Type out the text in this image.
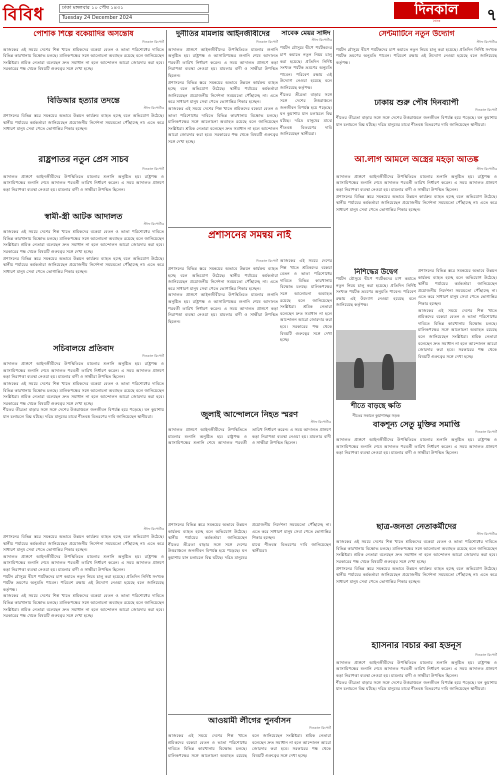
বিবিধ	ঢাকা মঙ্গলবার ১০ পৌষ ১৪৩১
Tuesday 24 December 2024	দিনকাল
দৈনিক	৭
পোশাক শিল্পে বকেয়াদির অসন্তোষ
দিনকাল রিপোর্ট
আজকের এই সময়ে দেশের শিল্প খাতে শ্রমিকদের বকেয়া বেতন ও ভাতা পরিশোধের দাবিতে বিভিন্ন কারখানায় বিক্ষোভ চলছে। মালিকপক্ষের সঙ্গে আলোচনা অব্যাহত রয়েছে বলে জানিয়েছেন সংশ্লিষ্টরা। শ্রমিক নেতারা বলেছেন দ্রুত সমাধান না হলে আন্দোলন আরো জোরদার করা হবে। সরকারের পক্ষ থেকে বিষয়টি গুরুত্বের সঙ্গে দেখা হচ্ছে।
বিডিআর হত্যার তদন্তে
স্টাফ রিপোর্টার
প্রশাসনের বিভিন্ন স্তরে সমন্বয়ের অভাবে উন্নয়ন কার্যক্রম ব্যাহত হচ্ছে বলে অভিযোগ উঠেছে। স্থানীয় পর্যায়ের কর্মকর্তারা জানিয়েছেন প্রয়োজনীয় নির্দেশনা সময়মতো পৌঁছাচ্ছে না। এতে করে সাধারণ মানুষ সেবা পেতে ভোগান্তির শিকার হচ্ছেন।
রাষ্ট্রপতির নতুন প্রেস সচিব
দিনকাল রিপোর্ট
আদালত প্রাঙ্গণে আইনজীবীদের উপস্থিতিতে মামলার শুনানি অনুষ্ঠিত হয়। রাষ্ট্রপক্ষ ও আসামিপক্ষের শুনানি শেষে আদালত পরবর্তী তারিখ নির্ধারণ করেন। এ সময় আদালত প্রাঙ্গণে কড়া নিরাপত্তা ব্যবস্থা নেওয়া হয়। মামলার বাদী ও সাক্ষীরা উপস্থিত ছিলেন।
স্বামী-স্ত্রী আটক আদালত
স্টাফ রিপোর্টার
আজকের এই সময়ে দেশের শিল্প খাতে শ্রমিকদের বকেয়া বেতন ও ভাতা পরিশোধের দাবিতে বিভিন্ন কারখানায় বিক্ষোভ চলছে। মালিকপক্ষের সঙ্গে আলোচনা অব্যাহত রয়েছে বলে জানিয়েছেন সংশ্লিষ্টরা। শ্রমিক নেতারা বলেছেন দ্রুত সমাধান না হলে আন্দোলন আরো জোরদার করা হবে। সরকারের পক্ষ থেকে বিষয়টি গুরুত্বের সঙ্গে দেখা হচ্ছে।
প্রশাসনের বিভিন্ন স্তরে সমন্বয়ের অভাবে উন্নয়ন কার্যক্রম ব্যাহত হচ্ছে বলে অভিযোগ উঠেছে। স্থানীয় পর্যায়ের কর্মকর্তারা জানিয়েছেন প্রয়োজনীয় নির্দেশনা সময়মতো পৌঁছাচ্ছে না। এতে করে সাধারণ মানুষ সেবা পেতে ভোগান্তির শিকার হচ্ছেন।
সচিবালয়ে প্রতিবাদ
দিনকাল রিপোর্ট
আদালত প্রাঙ্গণে আইনজীবীদের উপস্থিতিতে মামলার শুনানি অনুষ্ঠিত হয়। রাষ্ট্রপক্ষ ও আসামিপক্ষের শুনানি শেষে আদালত পরবর্তী তারিখ নির্ধারণ করেন। এ সময় আদালত প্রাঙ্গণে কড়া নিরাপত্তা ব্যবস্থা নেওয়া হয়। মামলার বাদী ও সাক্ষীরা উপস্থিত ছিলেন।
আজকের এই সময়ে দেশের শিল্প খাতে শ্রমিকদের বকেয়া বেতন ও ভাতা পরিশোধের দাবিতে বিভিন্ন কারখানায় বিক্ষোভ চলছে। মালিকপক্ষের সঙ্গে আলোচনা অব্যাহত রয়েছে বলে জানিয়েছেন সংশ্লিষ্টরা। শ্রমিক নেতারা বলেছেন দ্রুত সমাধান না হলে আন্দোলন আরো জোরদার করা হবে। সরকারের পক্ষ থেকে বিষয়টি গুরুত্বের সঙ্গে দেখা হচ্ছে।
শীতের তীব্রতা বাড়ার সঙ্গে সঙ্গে দেশের উত্তরাঞ্চলে জনজীবন বিপর্যস্ত হয়ে পড়েছে। ঘন কুয়াশায় যান চলাচলে বিঘ্ন ঘটছে। দরিদ্র মানুষের মাঝে শীতবস্ত্র বিতরণের দাবি জানিয়েছেন স্থানীয়রা।
স্টাফ রিপোর্টার
প্রশাসনের বিভিন্ন স্তরে সমন্বয়ের অভাবে উন্নয়ন কার্যক্রম ব্যাহত হচ্ছে বলে অভিযোগ উঠেছে। স্থানীয় পর্যায়ের কর্মকর্তারা জানিয়েছেন প্রয়োজনীয় নির্দেশনা সময়মতো পৌঁছাচ্ছে না। এতে করে সাধারণ মানুষ সেবা পেতে ভোগান্তির শিকার হচ্ছেন।
আদালত প্রাঙ্গণে আইনজীবীদের উপস্থিতিতে মামলার শুনানি অনুষ্ঠিত হয়। রাষ্ট্রপক্ষ ও আসামিপক্ষের শুনানি শেষে আদালত পরবর্তী তারিখ নির্ধারণ করেন। এ সময় আদালত প্রাঙ্গণে কড়া নিরাপত্তা ব্যবস্থা নেওয়া হয়। মামলার বাদী ও সাক্ষীরা উপস্থিত ছিলেন।
পর্যটন মৌসুমে দ্বীপে পর্যটকদের চাপ কমাতে নতুন নিয়ম চালু করা হয়েছে। প্রতিদিন নির্দিষ্ট সংখ্যক পর্যটক ভ্রমণের অনুমতি পাবেন। পরিবেশ রক্ষায় এই উদ্যোগ নেওয়া হয়েছে বলে জানিয়েছে কর্তৃপক্ষ।
আজকের এই সময়ে দেশের শিল্প খাতে শ্রমিকদের বকেয়া বেতন ও ভাতা পরিশোধের দাবিতে বিভিন্ন কারখানায় বিক্ষোভ চলছে। মালিকপক্ষের সঙ্গে আলোচনা অব্যাহত রয়েছে বলে জানিয়েছেন সংশ্লিষ্টরা। শ্রমিক নেতারা বলেছেন দ্রুত সমাধান না হলে আন্দোলন আরো জোরদার করা হবে। সরকারের পক্ষ থেকে বিষয়টি গুরুত্বের সঙ্গে দেখা হচ্ছে।
দুর্নীতির মামলায় আইনজীবীদের
দিনকাল রিপোর্ট
আদালত প্রাঙ্গণে আইনজীবীদের উপস্থিতিতে মামলার শুনানি অনুষ্ঠিত হয়। রাষ্ট্রপক্ষ ও আসামিপক্ষের শুনানি শেষে আদালত পরবর্তী তারিখ নির্ধারণ করেন। এ সময় আদালত প্রাঙ্গণে কড়া নিরাপত্তা ব্যবস্থা নেওয়া হয়। মামলার বাদী ও সাক্ষীরা উপস্থিত ছিলেন।
প্রশাসনের বিভিন্ন স্তরে সমন্বয়ের অভাবে উন্নয়ন কার্যক্রম ব্যাহত হচ্ছে বলে অভিযোগ উঠেছে। স্থানীয় পর্যায়ের কর্মকর্তারা জানিয়েছেন প্রয়োজনীয় নির্দেশনা সময়মতো পৌঁছাচ্ছে না। এতে করে সাধারণ মানুষ সেবা পেতে ভোগান্তির শিকার হচ্ছেন।
আজকের এই সময়ে দেশের শিল্প খাতে শ্রমিকদের বকেয়া বেতন ও ভাতা পরিশোধের দাবিতে বিভিন্ন কারখানায় বিক্ষোভ চলছে। মালিকপক্ষের সঙ্গে আলোচনা অব্যাহত রয়েছে বলে জানিয়েছেন সংশ্লিষ্টরা। শ্রমিক নেতারা বলেছেন দ্রুত সমাধান না হলে আন্দোলন আরো জোরদার করা হবে। সরকারের পক্ষ থেকে বিষয়টি গুরুত্বের সঙ্গে দেখা হচ্ছে।
সাবেক মেয়র সাঈদ
স্টাফ রিপোর্টার
পর্যটন মৌসুমে দ্বীপে পর্যটকদের চাপ কমাতে নতুন নিয়ম চালু করা হয়েছে। প্রতিদিন নির্দিষ্ট সংখ্যক পর্যটক ভ্রমণের অনুমতি পাবেন। পরিবেশ রক্ষায় এই উদ্যোগ নেওয়া হয়েছে বলে জানিয়েছে কর্তৃপক্ষ।
শীতের তীব্রতা বাড়ার সঙ্গে সঙ্গে দেশের উত্তরাঞ্চলে জনজীবন বিপর্যস্ত হয়ে পড়েছে। ঘন কুয়াশায় যান চলাচলে বিঘ্ন ঘটছে। দরিদ্র মানুষের মাঝে শীতবস্ত্র বিতরণের দাবি জানিয়েছেন স্থানীয়রা।
প্রশাসনের সমন্বয় নাই
দিনকাল রিপোর্ট
প্রশাসনের বিভিন্ন স্তরে সমন্বয়ের অভাবে উন্নয়ন কার্যক্রম ব্যাহত হচ্ছে বলে অভিযোগ উঠেছে। স্থানীয় পর্যায়ের কর্মকর্তারা জানিয়েছেন প্রয়োজনীয় নির্দেশনা সময়মতো পৌঁছাচ্ছে না। এতে করে সাধারণ মানুষ সেবা পেতে ভোগান্তির শিকার হচ্ছেন।
আদালত প্রাঙ্গণে আইনজীবীদের উপস্থিতিতে মামলার শুনানি অনুষ্ঠিত হয়। রাষ্ট্রপক্ষ ও আসামিপক্ষের শুনানি শেষে আদালত পরবর্তী তারিখ নির্ধারণ করেন। এ সময় আদালত প্রাঙ্গণে কড়া নিরাপত্তা ব্যবস্থা নেওয়া হয়। মামলার বাদী ও সাক্ষীরা উপস্থিত ছিলেন।
আজকের এই সময়ে দেশের শিল্প খাতে শ্রমিকদের বকেয়া বেতন ও ভাতা পরিশোধের দাবিতে বিভিন্ন কারখানায় বিক্ষোভ চলছে। মালিকপক্ষের সঙ্গে আলোচনা অব্যাহত রয়েছে বলে জানিয়েছেন সংশ্লিষ্টরা। শ্রমিক নেতারা বলেছেন দ্রুত সমাধান না হলে আন্দোলন আরো জোরদার করা হবে। সরকারের পক্ষ থেকে বিষয়টি গুরুত্বের সঙ্গে দেখা হচ্ছে।
জুলাই আন্দোলনে নিহত স্মরণ
স্টাফ রিপোর্টার
আদালত প্রাঙ্গণে আইনজীবীদের উপস্থিতিতে মামলার শুনানি অনুষ্ঠিত হয়। রাষ্ট্রপক্ষ ও আসামিপক্ষের শুনানি শেষে আদালত পরবর্তী তারিখ নির্ধারণ করেন। এ সময় আদালত প্রাঙ্গণে কড়া নিরাপত্তা ব্যবস্থা নেওয়া হয়। মামলার বাদী ও সাক্ষীরা উপস্থিত ছিলেন।
প্রশাসনের বিভিন্ন স্তরে সমন্বয়ের অভাবে উন্নয়ন কার্যক্রম ব্যাহত হচ্ছে বলে অভিযোগ উঠেছে। স্থানীয় পর্যায়ের কর্মকর্তারা জানিয়েছেন প্রয়োজনীয় নির্দেশনা সময়মতো পৌঁছাচ্ছে না। এতে করে সাধারণ মানুষ সেবা পেতে ভোগান্তির শিকার হচ্ছেন।
শীতের তীব্রতা বাড়ার সঙ্গে সঙ্গে দেশের উত্তরাঞ্চলে জনজীবন বিপর্যস্ত হয়ে পড়েছে। ঘন কুয়াশায় যান চলাচলে বিঘ্ন ঘটছে। দরিদ্র মানুষের মাঝে শীতবস্ত্র বিতরণের দাবি জানিয়েছেন স্থানীয়রা।
আওয়ামী লীগের পুনর্বাসন
দিনকাল রিপোর্ট
আজকের এই সময়ে দেশের শিল্প খাতে শ্রমিকদের বকেয়া বেতন ও ভাতা পরিশোধের দাবিতে বিভিন্ন কারখানায় বিক্ষোভ চলছে। মালিকপক্ষের সঙ্গে আলোচনা অব্যাহত রয়েছে বলে জানিয়েছেন সংশ্লিষ্টরা। শ্রমিক নেতারা বলেছেন দ্রুত সমাধান না হলে আন্দোলন আরো জোরদার করা হবে। সরকারের পক্ষ থেকে বিষয়টি গুরুত্বের সঙ্গে দেখা হচ্ছে।
সেন্টমার্টিনে নতুন উদ্যোগ
স্টাফ রিপোর্টার
পর্যটন মৌসুমে দ্বীপে পর্যটকদের চাপ কমাতে নতুন নিয়ম চালু করা হয়েছে। প্রতিদিন নির্দিষ্ট সংখ্যক পর্যটক ভ্রমণের অনুমতি পাবেন। পরিবেশ রক্ষায় এই উদ্যোগ নেওয়া হয়েছে বলে জানিয়েছে কর্তৃপক্ষ।
ঢাকায় শুরু পৌষ দিনব্যাপী
দিনকাল রিপোর্ট
শীতের তীব্রতা বাড়ার সঙ্গে সঙ্গে দেশের উত্তরাঞ্চলে জনজীবন বিপর্যস্ত হয়ে পড়েছে। ঘন কুয়াশায় যান চলাচলে বিঘ্ন ঘটছে। দরিদ্র মানুষের মাঝে শীতবস্ত্র বিতরণের দাবি জানিয়েছেন স্থানীয়রা।
আ.লীগ আমলে অস্ত্রের মহড়া আতঙ্ক
স্টাফ রিপোর্টার
আদালত প্রাঙ্গণে আইনজীবীদের উপস্থিতিতে মামলার শুনানি অনুষ্ঠিত হয়। রাষ্ট্রপক্ষ ও আসামিপক্ষের শুনানি শেষে আদালত পরবর্তী তারিখ নির্ধারণ করেন। এ সময় আদালত প্রাঙ্গণে কড়া নিরাপত্তা ব্যবস্থা নেওয়া হয়। মামলার বাদী ও সাক্ষীরা উপস্থিত ছিলেন।
প্রশাসনের বিভিন্ন স্তরে সমন্বয়ের অভাবে উন্নয়ন কার্যক্রম ব্যাহত হচ্ছে বলে অভিযোগ উঠেছে। স্থানীয় পর্যায়ের কর্মকর্তারা জানিয়েছেন প্রয়োজনীয় নির্দেশনা সময়মতো পৌঁছাচ্ছে না। এতে করে সাধারণ মানুষ সেবা পেতে ভোগান্তির শিকার হচ্ছেন।
নিশিদ্ধের উদ্বেগ
পর্যটন মৌসুমে দ্বীপে পর্যটকদের চাপ কমাতে নতুন নিয়ম চালু করা হয়েছে। প্রতিদিন নির্দিষ্ট সংখ্যক পর্যটক ভ্রমণের অনুমতি পাবেন। পরিবেশ রক্ষায় এই উদ্যোগ নেওয়া হয়েছে বলে জানিয়েছে কর্তৃপক্ষ।
প্রশাসনের বিভিন্ন স্তরে সমন্বয়ের অভাবে উন্নয়ন কার্যক্রম ব্যাহত হচ্ছে বলে অভিযোগ উঠেছে। স্থানীয় পর্যায়ের কর্মকর্তারা জানিয়েছেন প্রয়োজনীয় নির্দেশনা সময়মতো পৌঁছাচ্ছে না। এতে করে সাধারণ মানুষ সেবা পেতে ভোগান্তির শিকার হচ্ছেন।
আজকের এই সময়ে দেশের শিল্প খাতে শ্রমিকদের বকেয়া বেতন ও ভাতা পরিশোধের দাবিতে বিভিন্ন কারখানায় বিক্ষোভ চলছে। মালিকপক্ষের সঙ্গে আলোচনা অব্যাহত রয়েছে বলে জানিয়েছেন সংশ্লিষ্টরা। শ্রমিক নেতারা বলেছেন দ্রুত সমাধান না হলে আন্দোলন আরো জোরদার করা হবে। সরকারের পক্ষ থেকে বিষয়টি গুরুত্বের সঙ্গে দেখা হচ্ছে।
শীতে বাড়ছে ক্ষতি
শীতের সকালে কুয়াশাচ্ছন্ন সড়ক
বাকশূন্য সেতু মুক্তির সমাপ্তি
দিনকাল রিপোর্ট
আদালত প্রাঙ্গণে আইনজীবীদের উপস্থিতিতে মামলার শুনানি অনুষ্ঠিত হয়। রাষ্ট্রপক্ষ ও আসামিপক্ষের শুনানি শেষে আদালত পরবর্তী তারিখ নির্ধারণ করেন। এ সময় আদালত প্রাঙ্গণে কড়া নিরাপত্তা ব্যবস্থা নেওয়া হয়। মামলার বাদী ও সাক্ষীরা উপস্থিত ছিলেন।
ছাত্র-জনতা নেতাকর্মীদের
স্টাফ রিপোর্টার
আজকের এই সময়ে দেশের শিল্প খাতে শ্রমিকদের বকেয়া বেতন ও ভাতা পরিশোধের দাবিতে বিভিন্ন কারখানায় বিক্ষোভ চলছে। মালিকপক্ষের সঙ্গে আলোচনা অব্যাহত রয়েছে বলে জানিয়েছেন সংশ্লিষ্টরা। শ্রমিক নেতারা বলেছেন দ্রুত সমাধান না হলে আন্দোলন আরো জোরদার করা হবে। সরকারের পক্ষ থেকে বিষয়টি গুরুত্বের সঙ্গে দেখা হচ্ছে।
প্রশাসনের বিভিন্ন স্তরে সমন্বয়ের অভাবে উন্নয়ন কার্যক্রম ব্যাহত হচ্ছে বলে অভিযোগ উঠেছে। স্থানীয় পর্যায়ের কর্মকর্তারা জানিয়েছেন প্রয়োজনীয় নির্দেশনা সময়মতো পৌঁছাচ্ছে না। এতে করে সাধারণ মানুষ সেবা পেতে ভোগান্তির শিকার হচ্ছেন।
হাসিনার বিচার করা ইউনূস
দিনকাল রিপোর্ট
আদালত প্রাঙ্গণে আইনজীবীদের উপস্থিতিতে মামলার শুনানি অনুষ্ঠিত হয়। রাষ্ট্রপক্ষ ও আসামিপক্ষের শুনানি শেষে আদালত পরবর্তী তারিখ নির্ধারণ করেন। এ সময় আদালত প্রাঙ্গণে কড়া নিরাপত্তা ব্যবস্থা নেওয়া হয়। মামলার বাদী ও সাক্ষীরা উপস্থিত ছিলেন।
শীতের তীব্রতা বাড়ার সঙ্গে সঙ্গে দেশের উত্তরাঞ্চলে জনজীবন বিপর্যস্ত হয়ে পড়েছে। ঘন কুয়াশায় যান চলাচলে বিঘ্ন ঘটছে। দরিদ্র মানুষের মাঝে শীতবস্ত্র বিতরণের দাবি জানিয়েছেন স্থানীয়রা।
